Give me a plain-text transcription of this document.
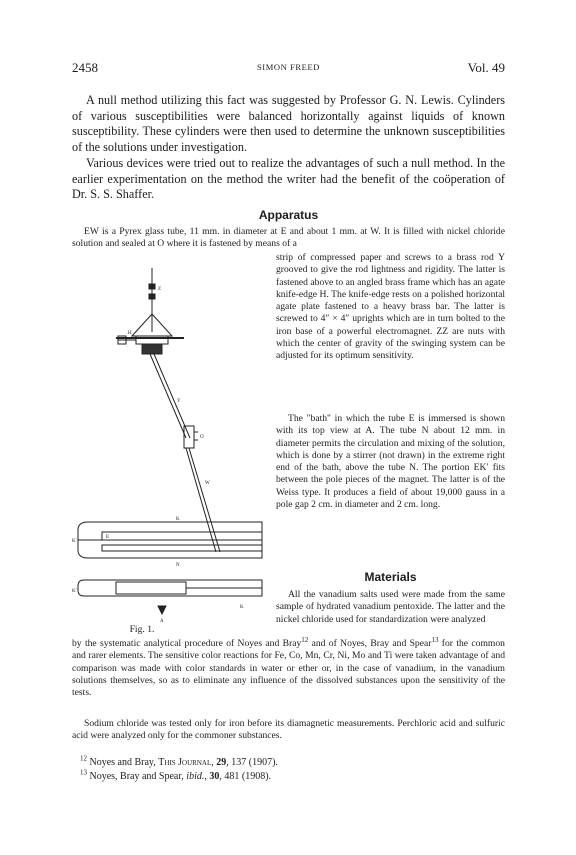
2458	SIMON FREED	Vol. 49

A null method utilizing this fact was suggested by Professor G. N. Lewis. Cylinders of various susceptibilities were balanced horizontally against liquids of known susceptibility. These cylinders were then used to determine the unknown susceptibilities of the solutions under investigation.

Various devices were tried out to realize the advantages of such a null method. In the earlier experimentation on the method the writer had the benefit of the coöperation of Dr. S. S. Shaffer.

Apparatus

EW is a Pyrex glass tube, 11 mm. in diameter at E and about 1 mm. at W. It is filled with nickel chloride solution and sealed at O where it is fastened by means of a

strip of compressed paper and screws to a brass rod Y grooved to give the rod lightness and rigidity. The latter is fastened above to an angled brass frame which has an agate knife-edge H. The knife-edge rests on a polished horizontal agate plate fastened to a heavy brass bar. The latter is screwed to 4″ × 4″ uprights which are in turn bolted to the iron base of a powerful electromagnet. ZZ are nuts with which the center of gravity of the swinging system can be adjusted for its optimum sensitivity.

The "bath" in which the tube E is immersed is shown with its top view at A. The tube N about 12 mm. in diameter permits the circulation and mixing of the solution, which is done by a stirrer (not drawn) in the extreme right end of the bath, above the tube N. The portion EK′ fits between the pole pieces of the magnet. The latter is of the Weiss type. It produces a field of about 19,000 gauss in a pole gap 2 cm. in diameter and 2 cm. long.

Z
H
Y
O
W
K
K′
E
N
K′
K
A
Fig. 1.
Materials

All the vanadium salts used were made from the same sample of hydrated vanadium pentoxide. The latter and the nickel chloride used for standardization were analyzed

by the systematic analytical procedure of Noyes and Bray$^{12}$ and of Noyes, Bray and Spear$^{13}$ for the common and rarer elements. The sensitive color reactions for Fe, Co, Mn, Cr, Ni, Mo and Ti were taken advantage of and comparison was made with color standards in water or ether or, in the case of vanadium, in the vanadium solutions themselves, so as to eliminate any influence of the dissolved substances upon the sensitivity of the tests.

Sodium chloride was tested only for iron before its diamagnetic measurements. Perchloric acid and sulfuric acid were analyzed only for the commoner substances.

$^{12}$ Noyes and Bray, This Journal, 29, 137 (1907).
$^{13}$ Noyes, Bray and Spear, ibid., 30, 481 (1908).
